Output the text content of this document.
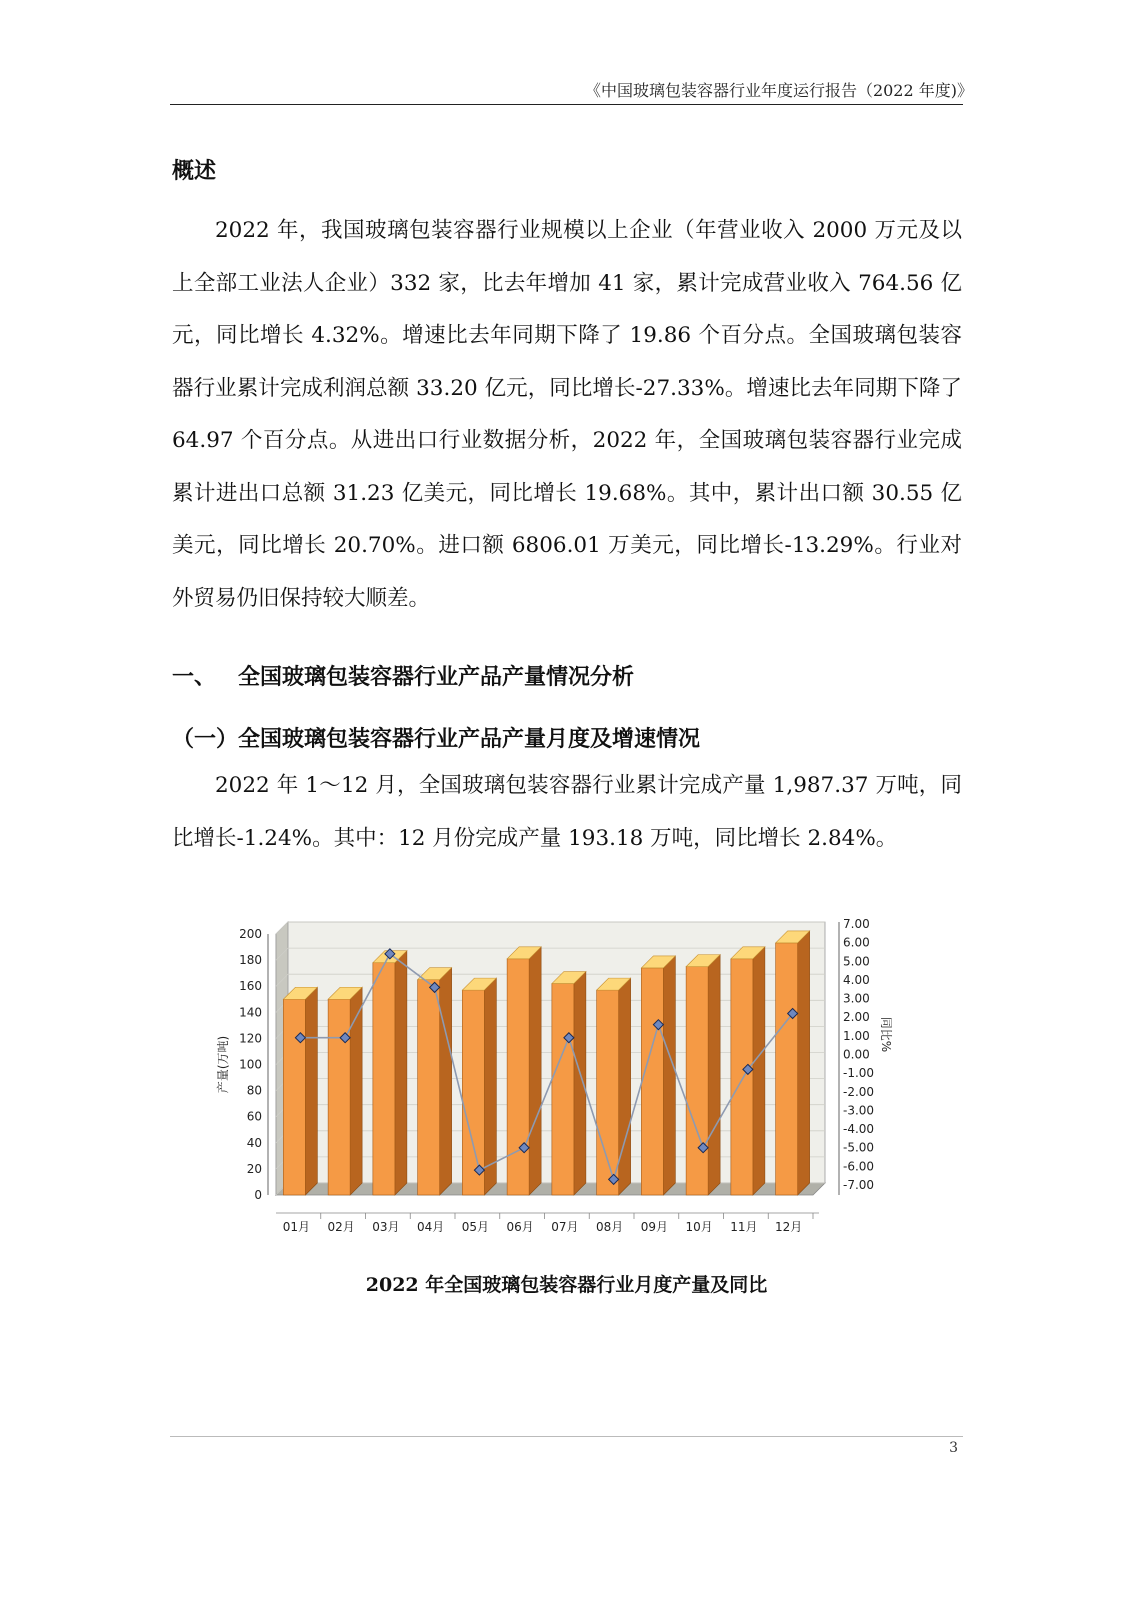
《中国玻璃包装容器行业年度运行报告（2022 年度)》
概述

2022 年，我国玻璃包装容器行业规模以上企业（年营业收入 2000 万元及以上全部工业法人企业）332 家，比去年增加 41 家，累计完成营业收入 764.56 亿元，同比增长 4.32%。增速比去年同期下降了 19.86 个百分点。全国玻璃包装容器行业累计完成利润总额 33.20 亿元，同比增长-27.33%。增速比去年同期下降了 64.97 个百分点。从进出口行业数据分析，2022 年，全国玻璃包装容器行业完成累计进出口总额 31.23 亿美元，同比增长 19.68%。其中，累计出口额 30.55 亿美元，同比增长 20.70%。进口额 6806.01 万美元，同比增长-13.29%。行业对外贸易仍旧保持较大顺差。

一、 全国玻璃包装容器行业产品产量情况分析
（一）全国玻璃包装容器行业产品产量月度及增速情况

2022 年 1～12 月，全国玻璃包装容器行业累计完成产量 1,987.37 万吨，同比增长-1.24%。其中：12 月份完成产量 193.18 万吨，同比增长 2.84%。

0
20
40
60
80
100
120
140
160
180
200
7.00
6.00
5.00
4.00
3.00
2.00
1.00
0.00
-1.00
-2.00
-3.00
-4.00
-5.00
-6.00
-7.00
产量(万吨)
同比%
01月 02月 03月 04月 05月 06月 07月 08月 09月 10月 11月 12月
2022 年全国玻璃包装容器行业月度产量及同比
3
